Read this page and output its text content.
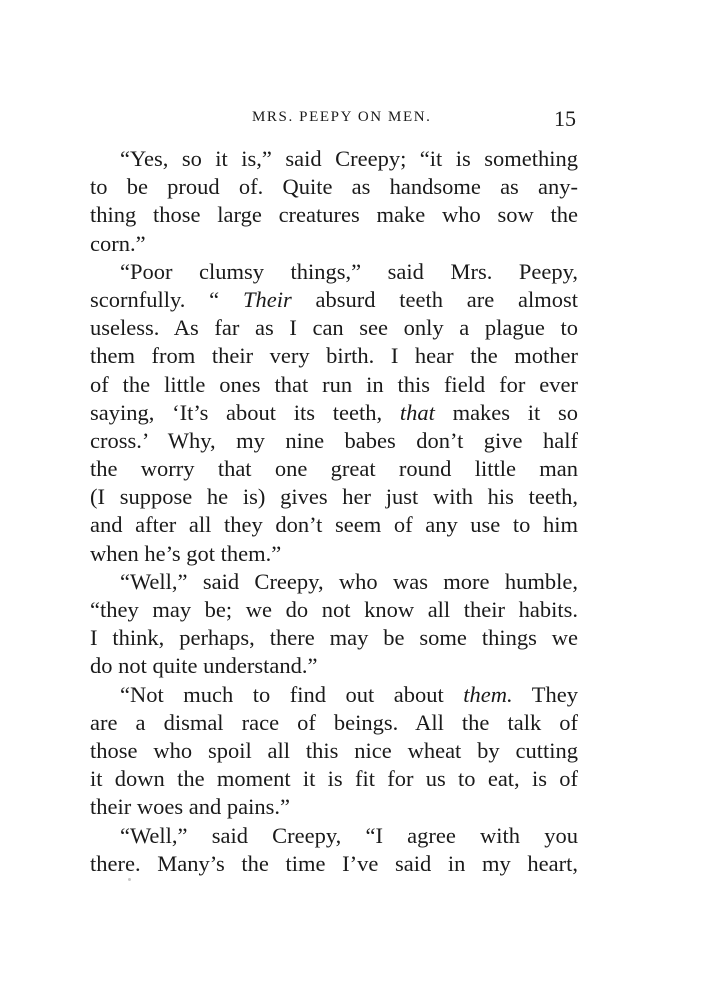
MRS. PEEPY ON MEN.	15
“Yes, so it is,” said Creepy; “it is something
to be proud of. Quite as handsome as any-
thing those large creatures make who sow the
corn.”
“Poor clumsy things,” said Mrs. Peepy,
scornfully. “ Their absurd teeth are almost
useless. As far as I can see only a plague to
them from their very birth. I hear the mother
of the little ones that run in this field for ever
saying, ‘It’s about its teeth, that makes it so
cross.’ Why, my nine babes don’t give half
the worry that one great round little man
(I suppose he is) gives her just with his teeth,
and after all they don’t seem of any use to him
when he’s got them.”
“Well,” said Creepy, who was more humble,
“they may be; we do not know all their habits.
I think, perhaps, there may be some things we
do not quite understand.”
“Not much to find out about them. They
are a dismal race of beings. All the talk of
those who spoil all this nice wheat by cutting
it down the moment it is fit for us to eat, is of
their woes and pains.”
“Well,” said Creepy, “I agree with you
there. Many’s the time I’ve said in my heart,
